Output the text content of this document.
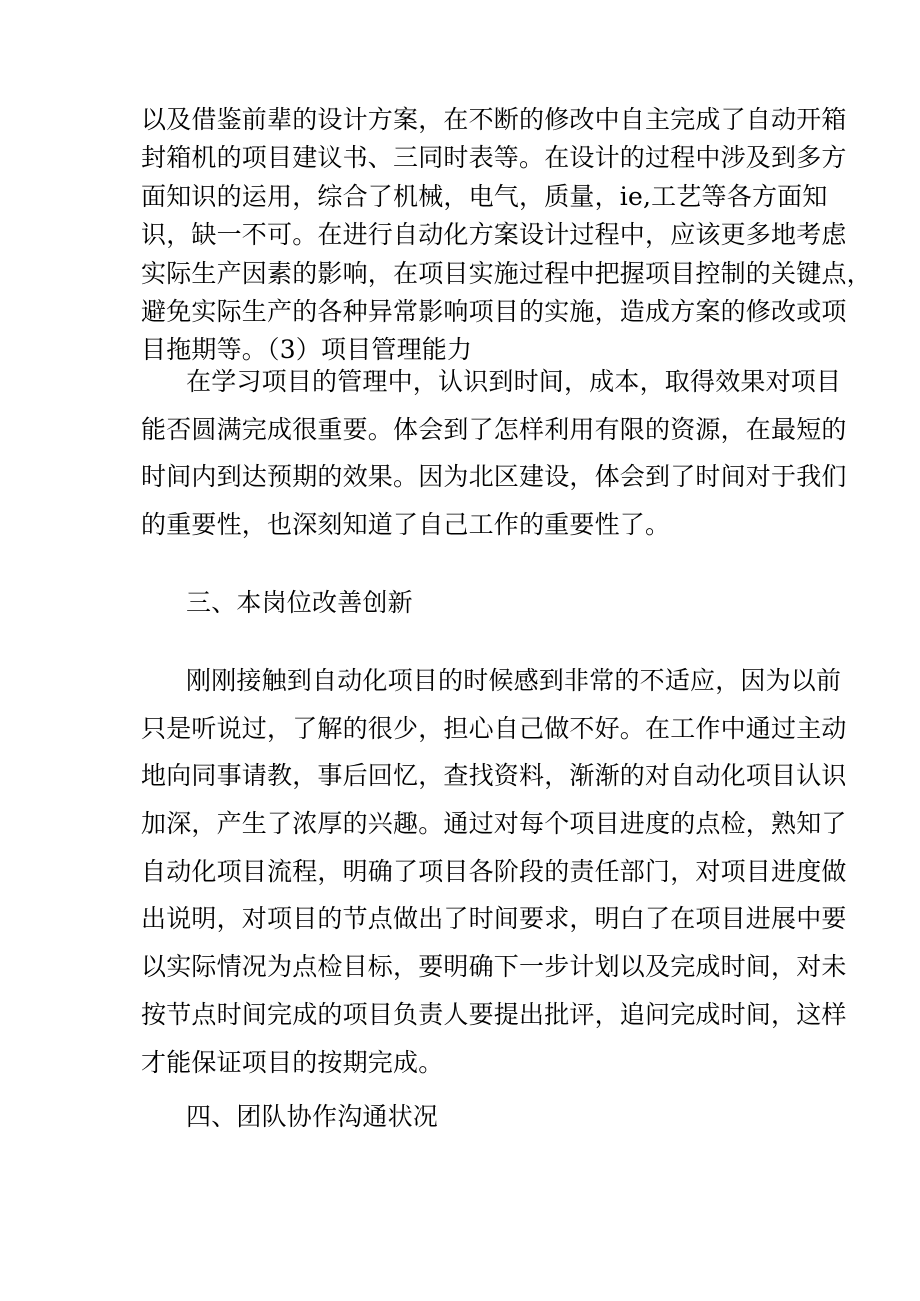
以及借鉴前辈的设计方案，在不断的修改中自主完成了自动开箱
封箱机的项目建议书、三同时表等。在设计的过程中涉及到多方
面知识的运用，综合了机械，电气，质量，ie,工艺等各方面知
识，缺一不可。在进行自动化方案设计过程中，应该更多地考虑
实际生产因素的影响，在项目实施过程中把握项目控制的关键点，
避免实际生产的各种异常影响项目的实施，造成方案的修改或项
目拖期等。（3）项目管理能力
在学习项目的管理中，认识到时间，成本，取得效果对项目
能否圆满完成很重要。体会到了怎样利用有限的资源，在最短的
时间内到达预期的效果。因为北区建设，体会到了时间对于我们
的重要性，也深刻知道了自己工作的重要性了。
三、本岗位改善创新
刚刚接触到自动化项目的时候感到非常的不适应，因为以前
只是听说过，了解的很少，担心自己做不好。在工作中通过主动
地向同事请教，事后回忆，查找资料，渐渐的对自动化项目认识
加深，产生了浓厚的兴趣。通过对每个项目进度的点检，熟知了
自动化项目流程，明确了项目各阶段的责任部门，对项目进度做
出说明，对项目的节点做出了时间要求，明白了在项目进展中要
以实际情况为点检目标，要明确下一步计划以及完成时间，对未
按节点时间完成的项目负责人要提出批评，追问完成时间，这样
才能保证项目的按期完成。
四、团队协作沟通状况
